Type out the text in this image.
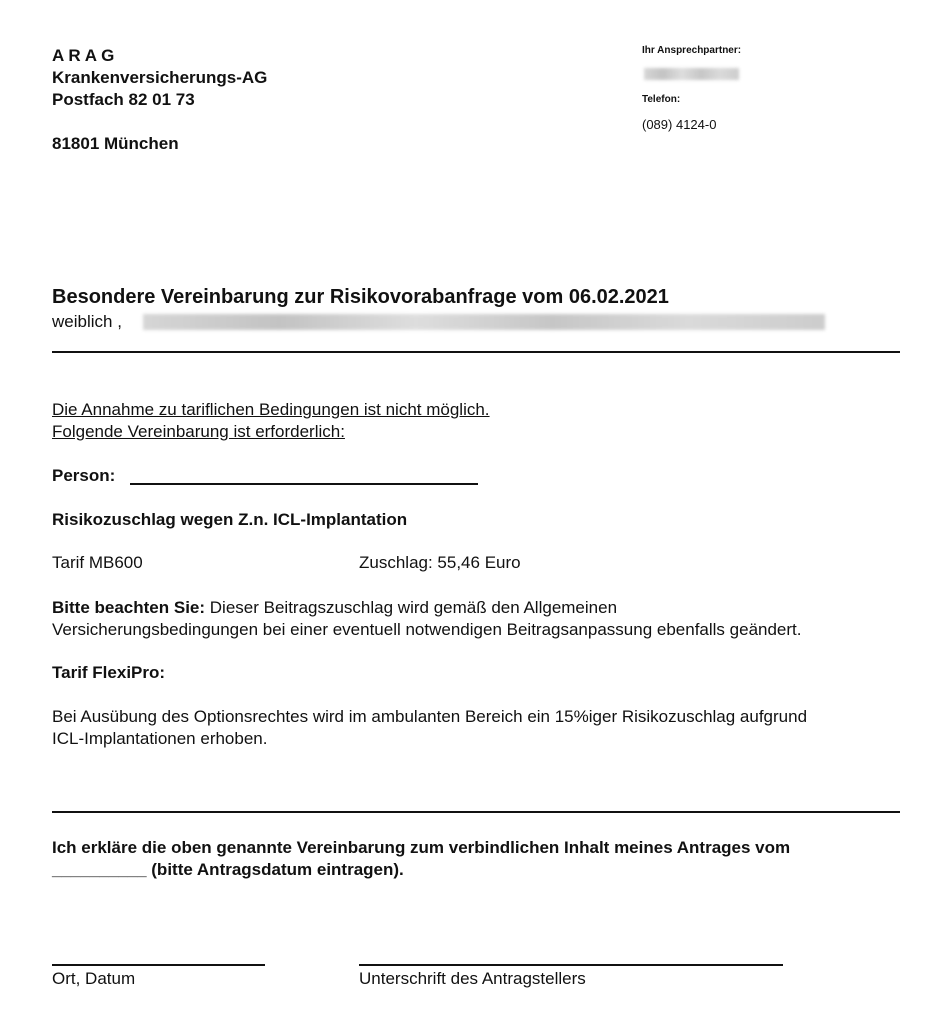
A R A G
Krankenversicherungs-AG
Postfach 82 01 73
81801 München
Ihr Ansprechpartner:
Telefon:
(089) 4124-0
Besondere Vereinbarung zur Risikovorabanfrage vom 06.02.2021
weiblich ,
Die Annahme zu tariflichen Bedingungen ist nicht möglich.
Folgende Vereinbarung ist erforderlich:
Person:
Risikozuschlag wegen Z.n. ICL-Implantation
Tarif MB600	Zuschlag: 55,46 Euro
Bitte beachten Sie: Dieser Beitragszuschlag wird gemäß den Allgemeinen
Versicherungsbedingungen bei einer eventuell notwendigen Beitragsanpassung ebenfalls geändert.
Tarif FlexiPro:
Bei Ausübung des Optionsrechtes wird im ambulanten Bereich ein 15%iger Risikozuschlag aufgrund
ICL-Implantationen erhoben.
Ich erkläre die oben genannte Vereinbarung zum verbindlichen Inhalt meines Antrages vom
__________ (bitte Antragsdatum eintragen).
Ort, Datum	Unterschrift des Antragstellers
